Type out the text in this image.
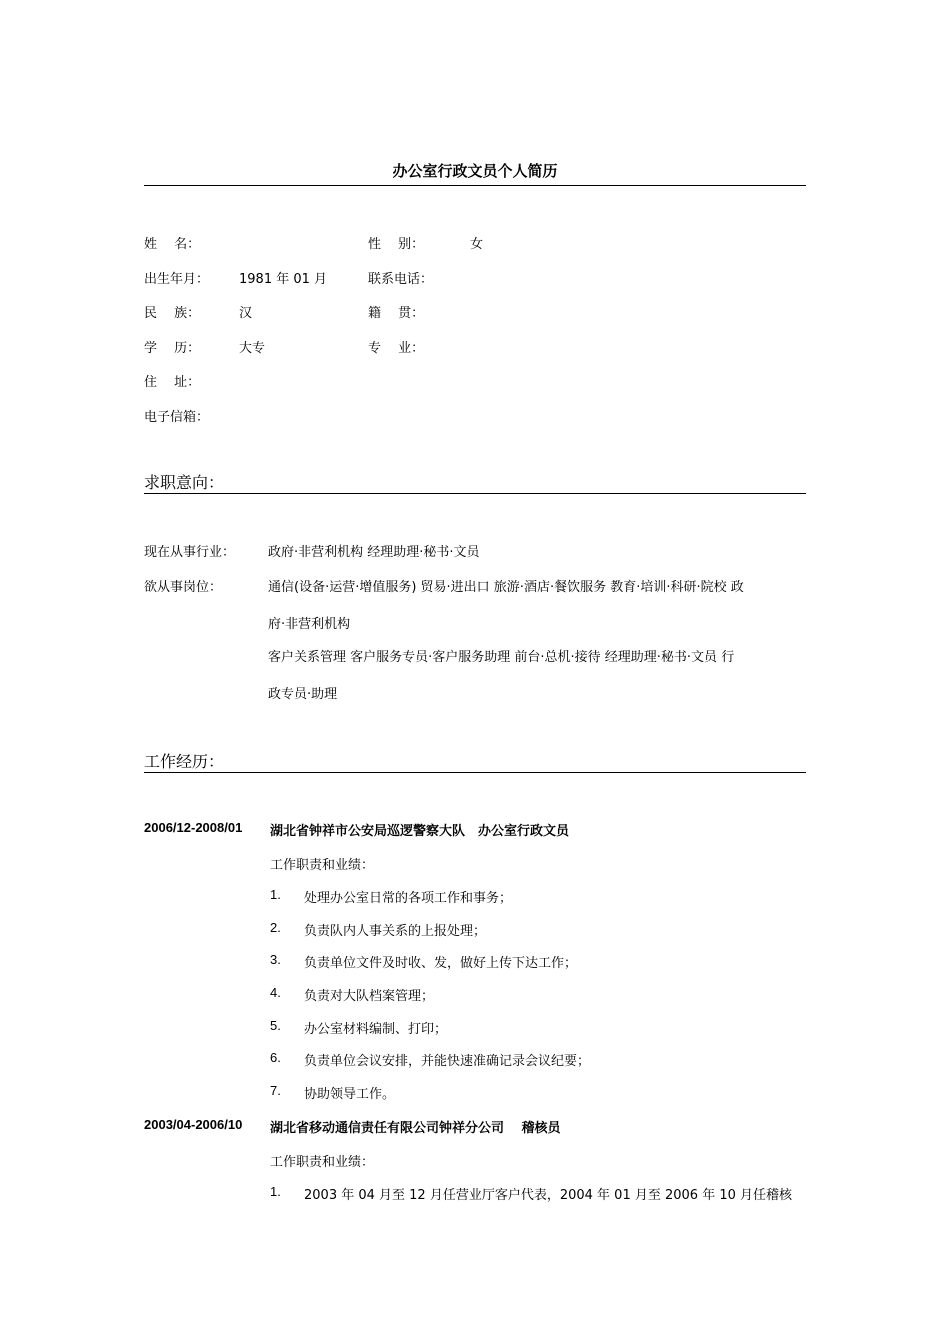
办公室行政文员个人简历
姓　 名：	性　 别：	女
出生年月： 1981 年 01 月	联系电话：
民　 族：	汉	籍　 贯：
学　 历：	大专	专　 业：
住　 址：
电子信箱：
求职意向：
现在从事行业：	政府·非营利机构 经理助理·秘书·文员
欲从事岗位：	通信(设备·运营·增值服务) 贸易·进出口 旅游·酒店·餐饮服务 教育·培训·科研·院校 政
府·非营利机构
客户关系管理 客户服务专员·客户服务助理 前台·总机·接待 经理助理·秘书·文员 行
政专员·助理
工作经历：
2006/12-2008/01 湖北省钟祥市公安局巡逻警察大队　办公室行政文员
工作职责和业绩：
1. 处理办公室日常的各项工作和事务；
2. 负责队内人事关系的上报处理；
3. 负责单位文件及时收、发，做好上传下达工作；
4. 负责对大队档案管理；
5. 办公室材料编制、打印；
6. 负责单位会议安排，并能快速准确记录会议纪要；
7. 协助领导工作。
2003/04-2006/10 湖北省移动通信责任有限公司钟祥分公司　 稽核员
工作职责和业绩：
1. 2003 年 04 月至 12 月任营业厅客户代表，2004 年 01 月至 2006 年 10 月任稽核
